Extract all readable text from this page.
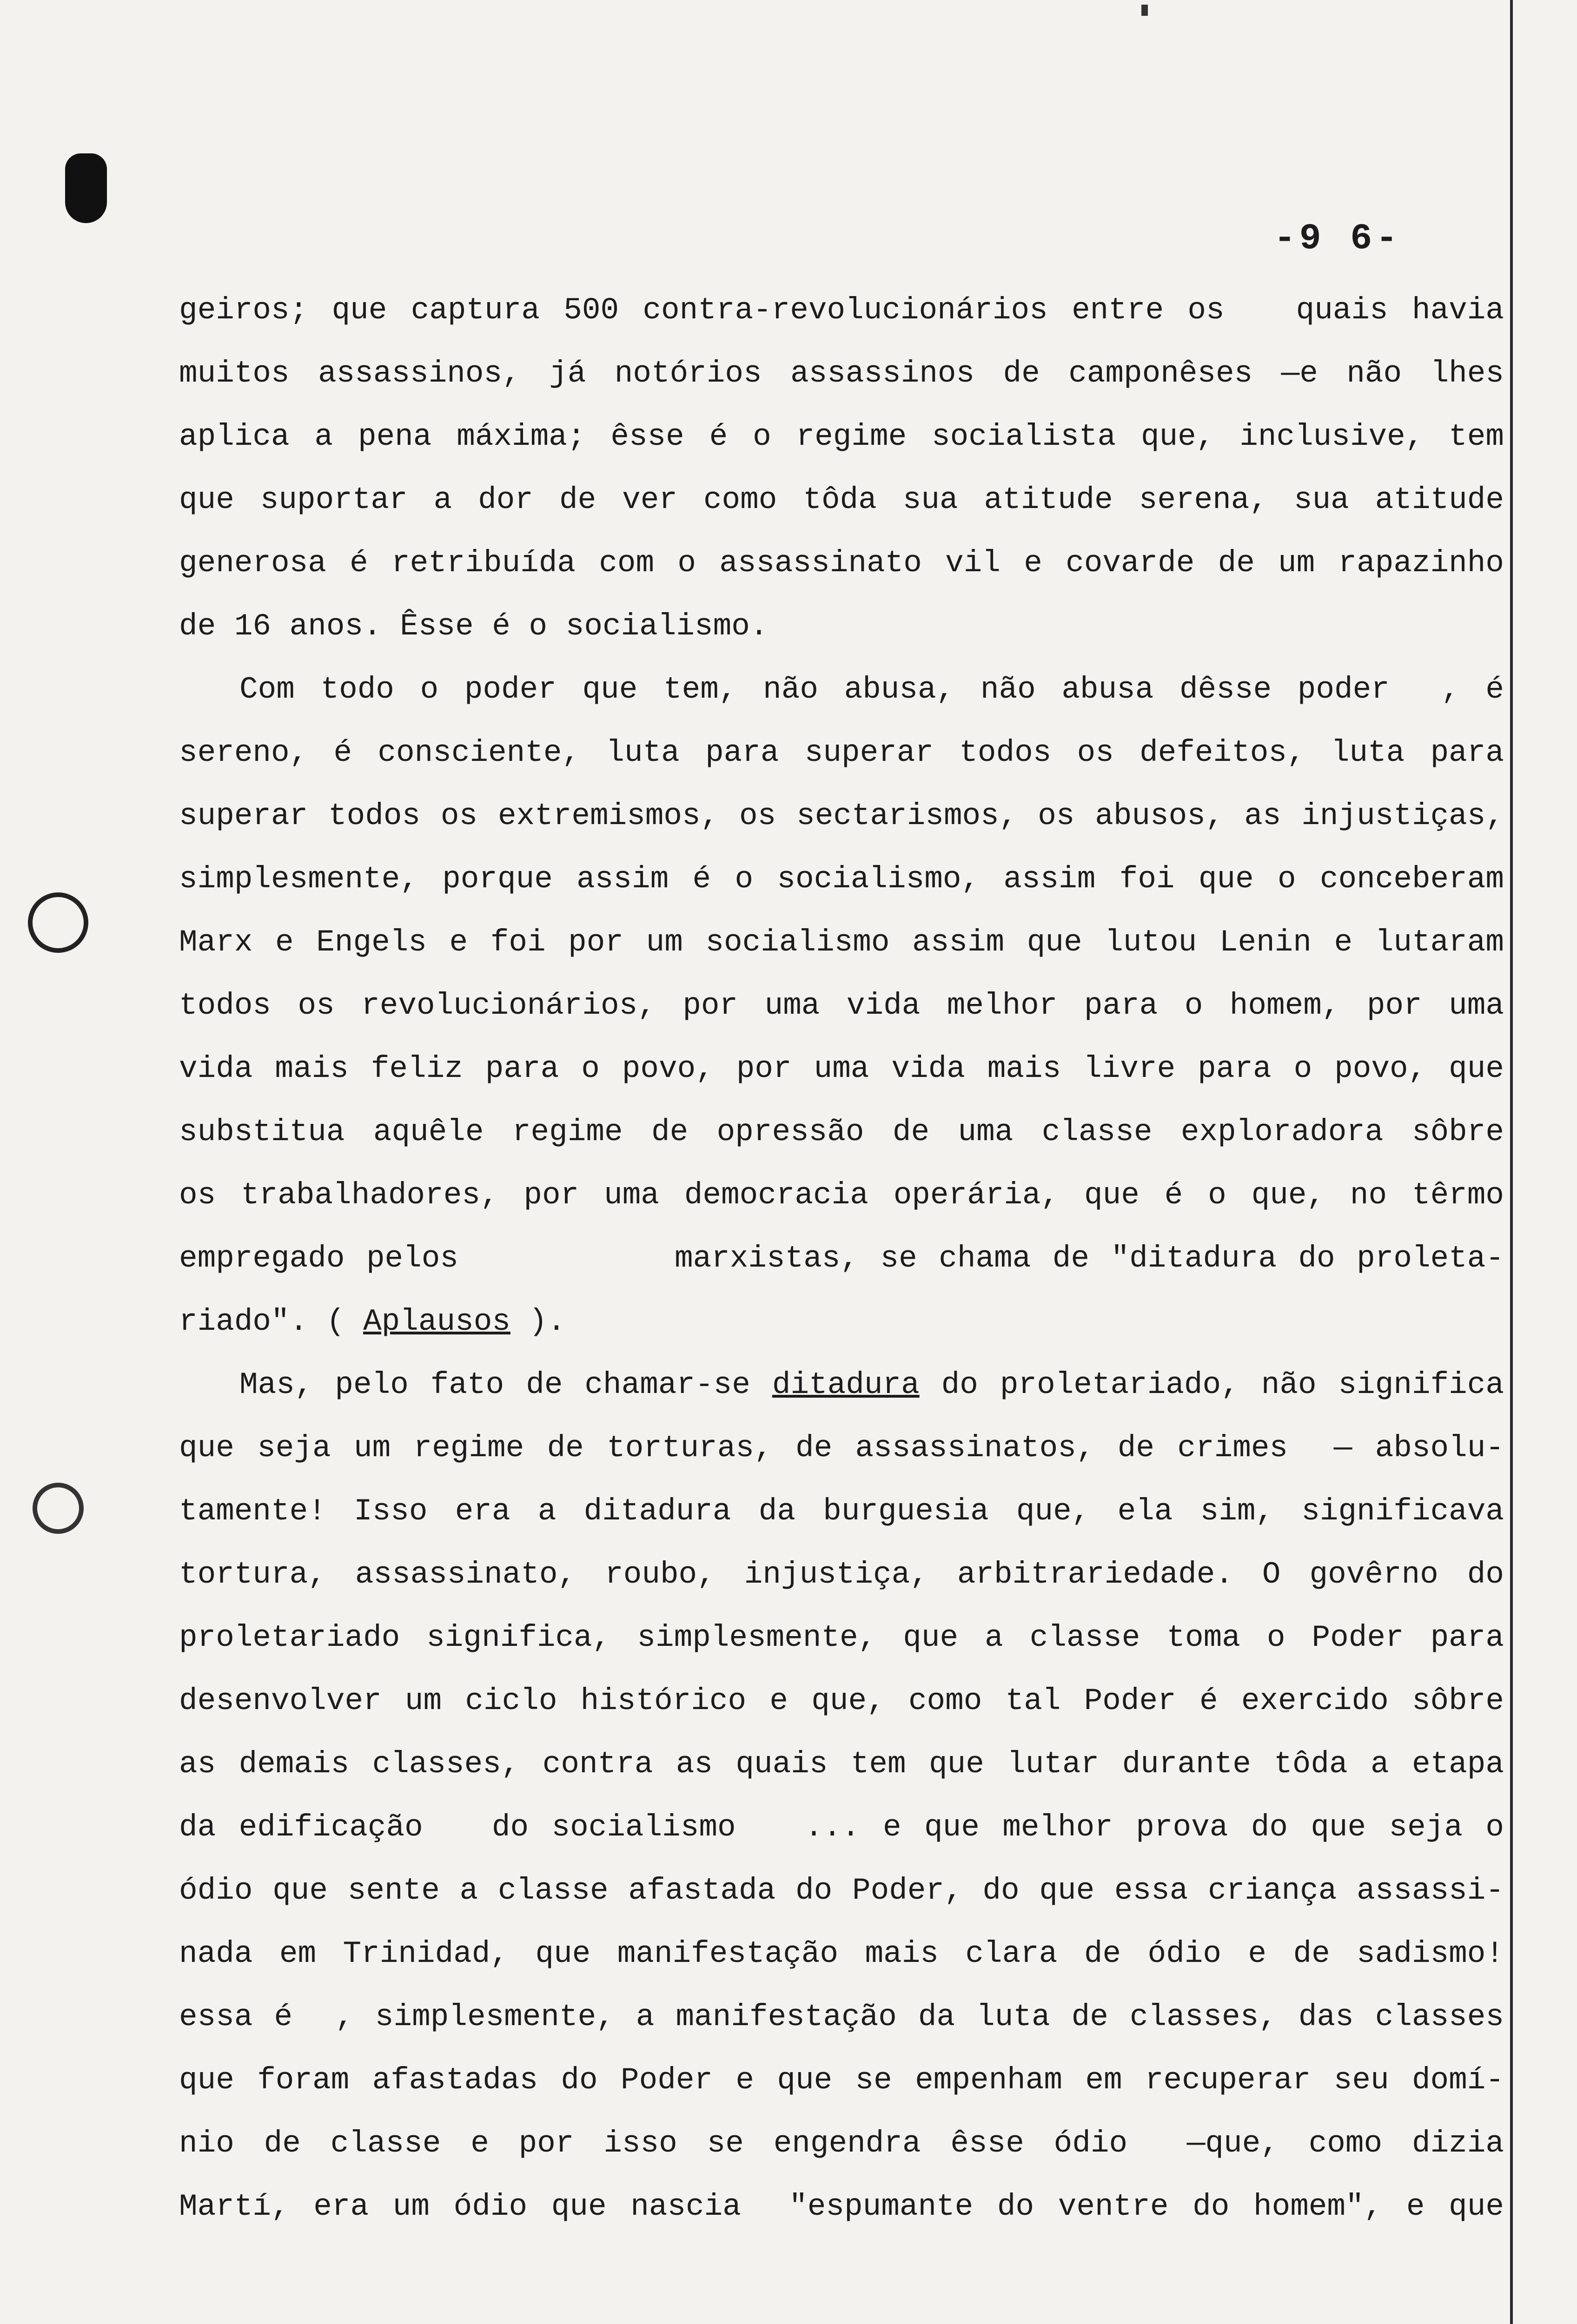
-9 6-
geiros; que captura 500 contra-revolucionários entre os   quais havia
muitos assassinos, já notórios assassinos de camponêses —e não lhes
aplica a pena máxima; êsse é o regime socialista que, inclusive, tem
que suportar a dor de ver como tôda sua atitude serena, sua atitude
generosa é retribuída com o assassinato vil e covarde de um rapazinho
de 16 anos. Êsse é o socialismo.
Com todo o poder que tem, não abusa, não abusa dêsse poder  , é
sereno, é consciente, luta para superar todos os defeitos, luta para
superar todos os extremismos, os sectarismos, os abusos, as injustiças,
simplesmente, porque assim é o socialismo, assim foi que o conceberam
Marx e Engels e foi por um socialismo assim que lutou Lenin e lutaram
todos os revolucionários, por uma vida melhor para o homem, por uma
vida mais feliz para o povo, por uma vida mais livre para o povo, que
substitua aquêle regime de opressão de uma classe exploradora sôbre
os trabalhadores, por uma democracia operária, que é o que, no têrmo
empregado pelos          marxistas, se chama de "ditadura do proleta-
riado". ( Aplausos ).
Mas, pelo fato de chamar-se ditadura do proletariado, não significa
que seja um regime de torturas, de assassinatos, de crimes  — absolu-
tamente! Isso era a ditadura da burguesia que, ela sim, significava
tortura, assassinato, roubo, injustiça, arbitrariedade. O govêrno do
proletariado significa, simplesmente, que a classe toma o Poder para
desenvolver um ciclo histórico e que, como tal Poder é exercido sôbre
as demais classes, contra as quais tem que lutar durante tôda a etapa
da edificação   do socialismo   ... e que melhor prova do que seja o
ódio que sente a classe afastada do Poder, do que essa criança assassi-
nada em Trinidad, que manifestação mais clara de ódio e de sadismo!
essa é  , simplesmente, a manifestação da luta de classes, das classes
que foram afastadas do Poder e que se empenham em recuperar seu domí-
nio de classe e por isso se engendra êsse ódio  —que, como dizia
Martí, era um ódio que nascia  "espumante do ventre do homem", e que
